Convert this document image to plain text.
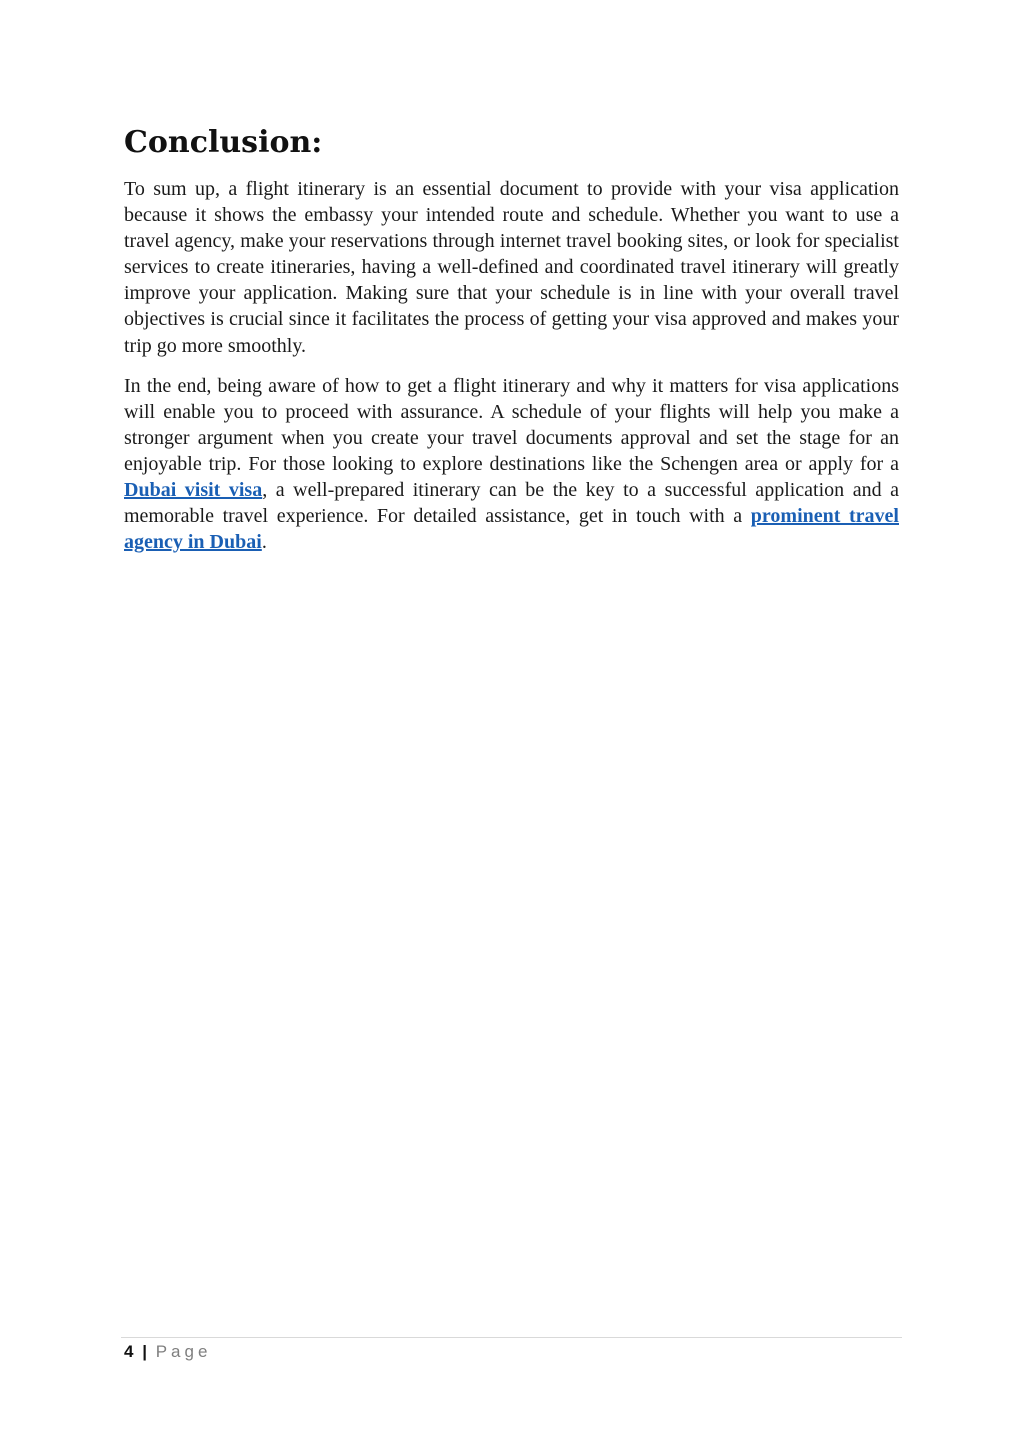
Conclusion:

To sum up, a flight itinerary is an essential document to provide with your visa application because it shows the embassy your intended route and schedule. Whether you want to use a travel agency, make your reservations through internet travel booking sites, or look for specialist services to create itineraries, having a well-defined and coordinated travel itinerary will greatly improve your application. Making sure that your schedule is in line with your overall travel objectives is crucial since it facilitates the process of getting your visa approved and makes your trip go more smoothly.

In the end, being aware of how to get a flight itinerary and why it matters for visa applications will enable you to proceed with assurance. A schedule of your flights will help you make a stronger argument when you create your travel documents approval and set the stage for an enjoyable trip. For those looking to explore destinations like the Schengen area or apply for a Dubai visit visa, a well-prepared itinerary can be the key to a successful application and a memorable travel experience. For detailed assistance, get in touch with a prominent travel agency in Dubai.

4 | Page
